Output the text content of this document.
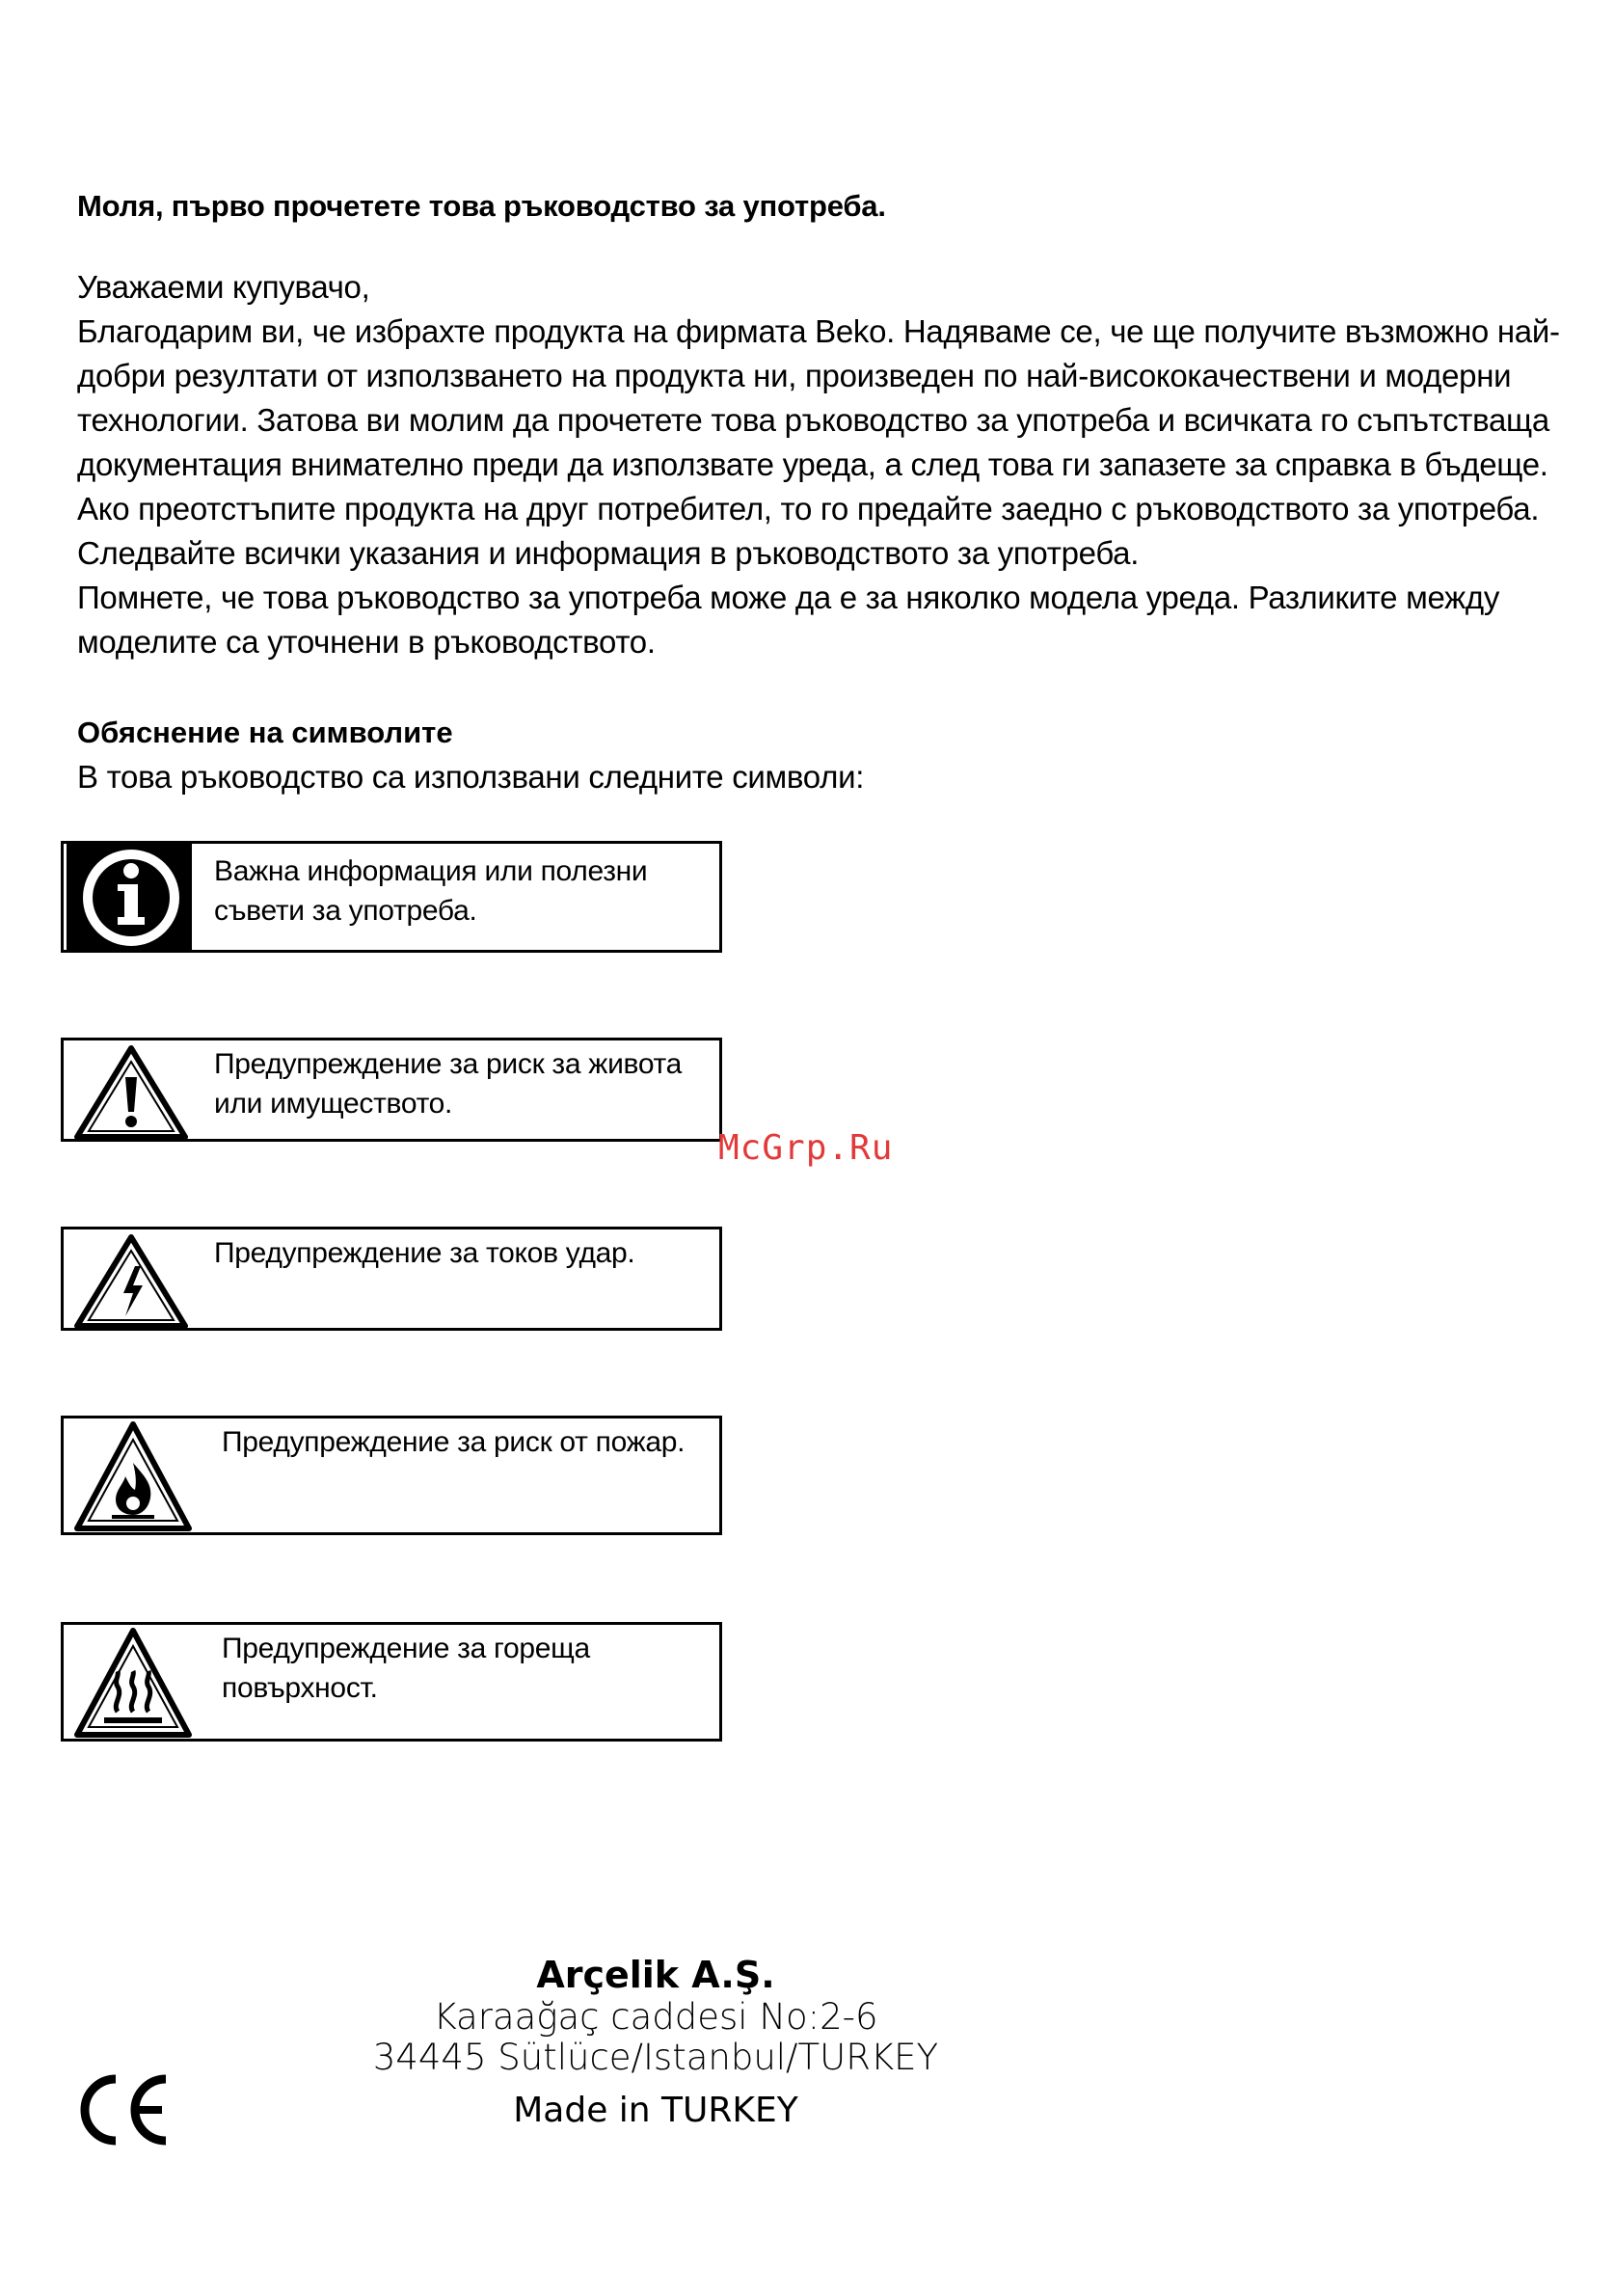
Моля, първо прочетете това ръководство за употреба.

Уважаеми купувачо,

Благодарим ви, че избрахте продукта на фирмата Beko. Надяваме се, че ще получите възможно най-добри резултати от използването на продукта ни, произведен по най-висококачествени и модерни технологии. Затова ви молим да прочетете това ръководство за употреба и всичката го съпътстваща документация внимателно преди да използвате уреда, а след това ги запазете за справка в бъдеще. Ако преотстъпите продукта на друг потребител, то го предайте заедно с ръководството за употреба. Следвайте всички указания и информация в ръководството за употреба.

Помнете, че това ръководство за употреба може да е за няколко модела уреда. Разликите между моделите са уточнени в ръководството.

Обяснение на символите

В това ръководство са използвани следните символи:

Важна информация или полезни съвети за употреба.
Предупреждение за риск за живота или имуществото.
Предупреждение за токов удар.
Предупреждение за риск от пожар.
Предупреждение за гореща повърхност.
McGrp.Ru
Arçelik A.Ş.
Karaağaç caddesi No:2-6
34445 Sütlüce/Istanbul/TURKEY
Made in TURKEY
